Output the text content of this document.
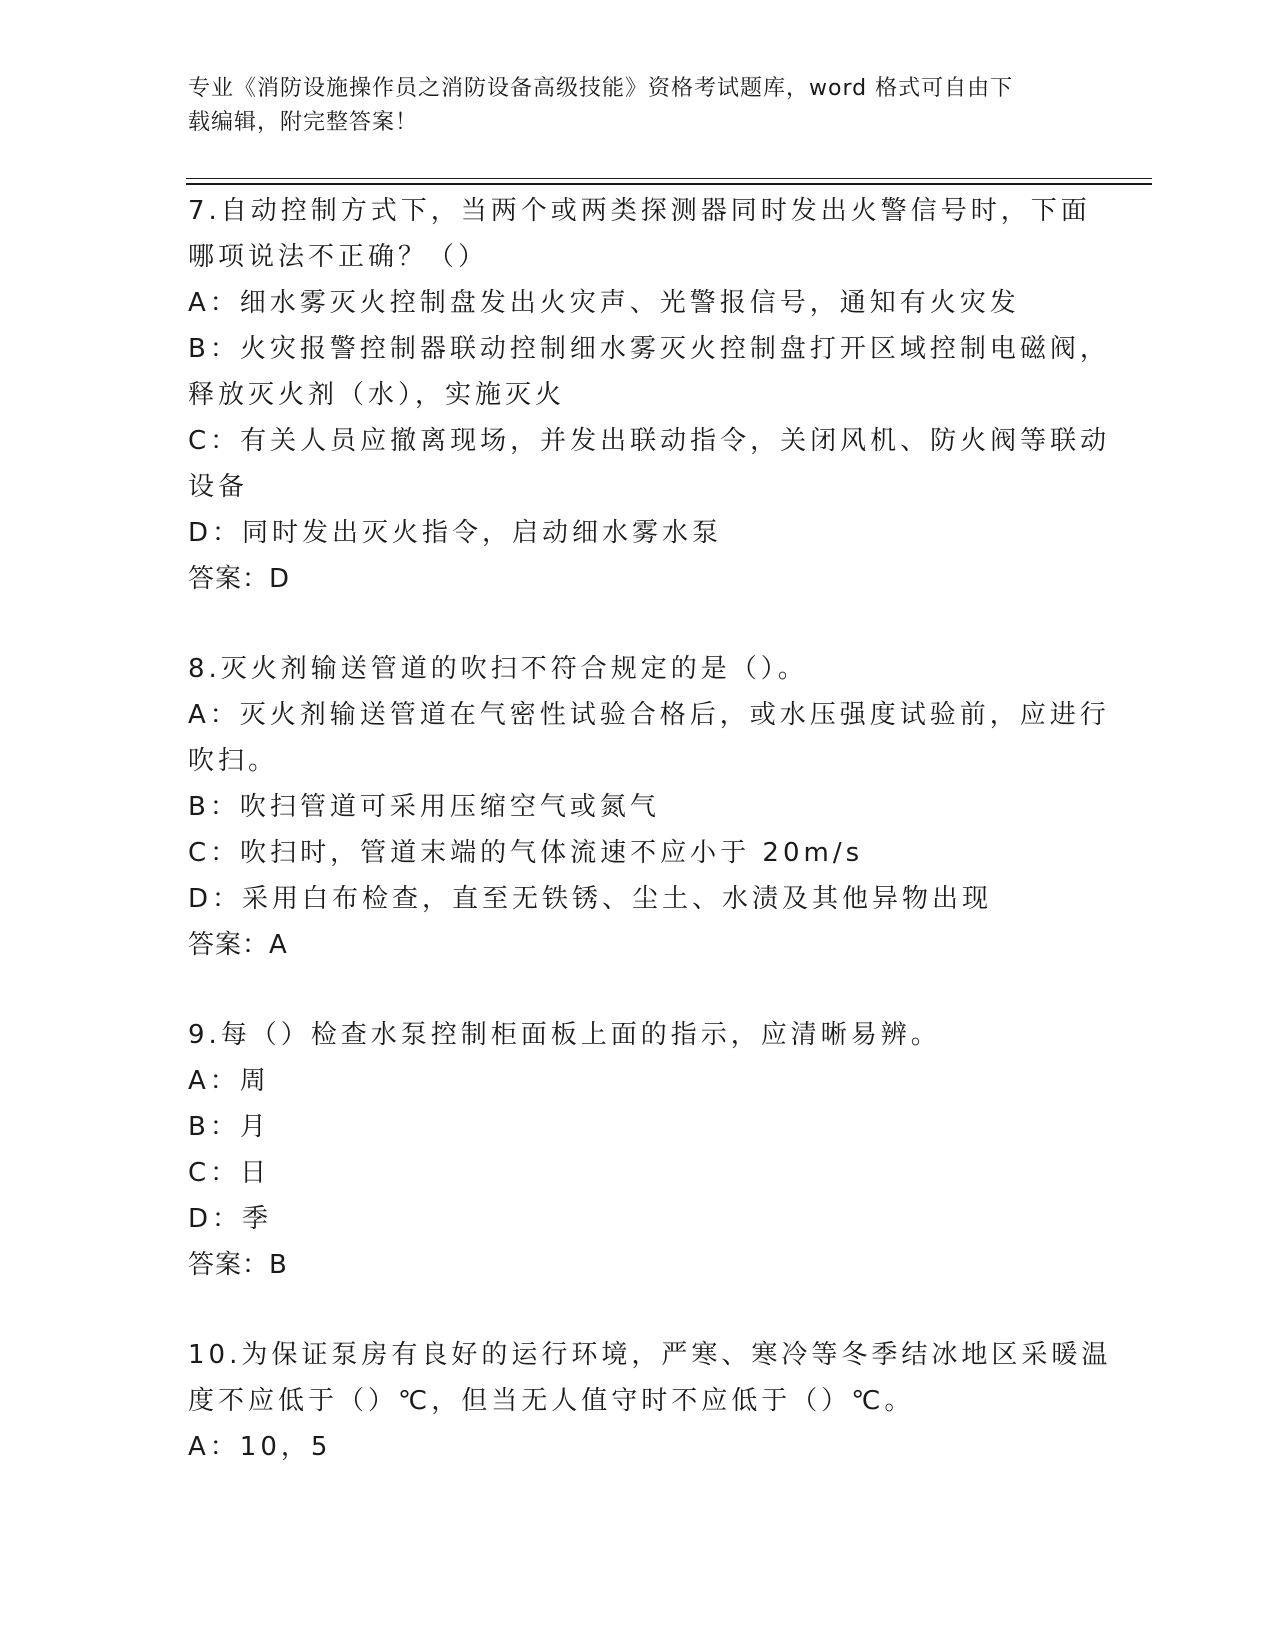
专业《消防设施操作员之消防设备高级技能》资格考试题库，word 格式可自由下
载编辑，附完整答案！
7.自动控制方式下，当两个或两类探测器同时发出火警信号时，下面
哪项说法不正确？（）
A：细水雾灭火控制盘发出火灾声、光警报信号，通知有火灾发
B：火灾报警控制器联动控制细水雾灭火控制盘打开区域控制电磁阀，
释放灭火剂（水），实施灭火
C：有关人员应撤离现场，并发出联动指令，关闭风机、防火阀等联动
设备
D：同时发出灭火指令，启动细水雾水泵
答案：D
8.灭火剂输送管道的吹扫不符合规定的是（）。
A：灭火剂输送管道在气密性试验合格后，或水压强度试验前，应进行
吹扫。
B：吹扫管道可采用压缩空气或氮气
C：吹扫时，管道末端的气体流速不应小于 20m/s
D：采用白布检查，直至无铁锈、尘土、水渍及其他异物出现
答案：A
9.每（）检查水泵控制柜面板上面的指示，应清晰易辨。
A：周
B：月
C：日
D：季
答案：B
10.为保证泵房有良好的运行环境，严寒、寒冷等冬季结冰地区采暖温
度不应低于（）℃，但当无人值守时不应低于（）℃。
A：10，5
